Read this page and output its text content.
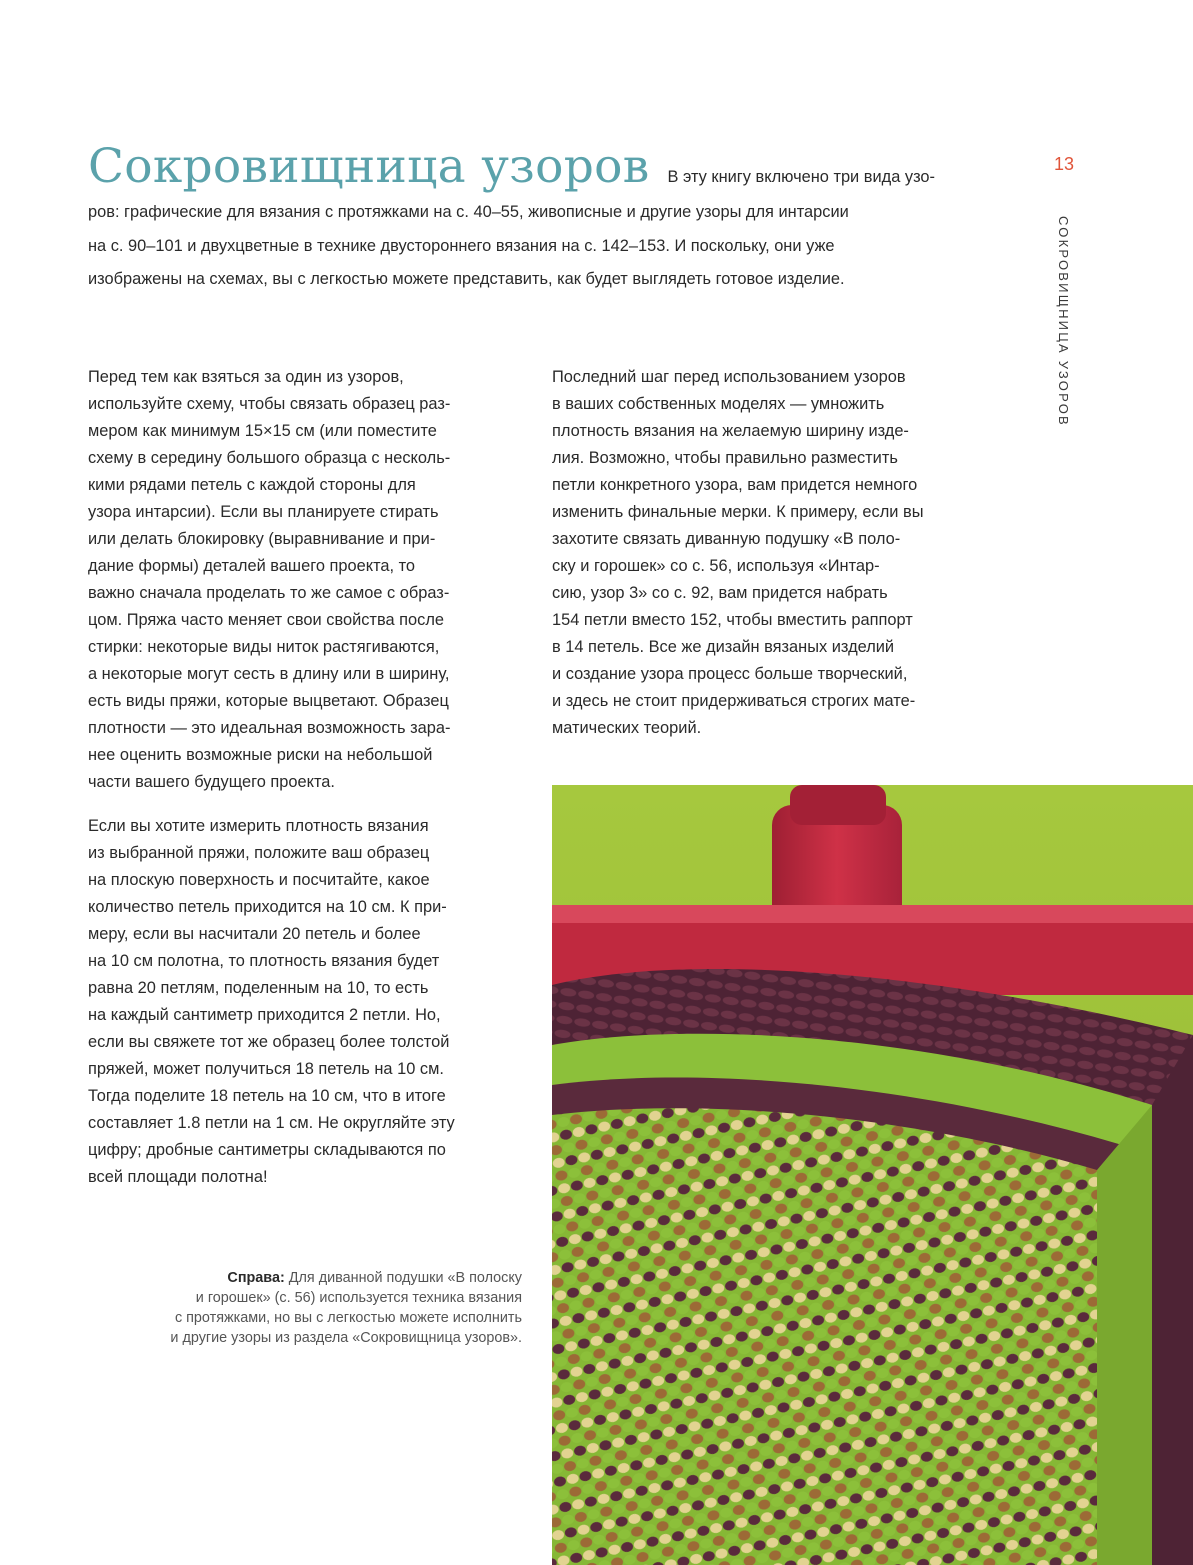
Сокровищница узоров В эту книгу включено три вида узо-
ров: графические для вязания с протяжками на с. 40–55, живописные и другие узоры для интарсии
на с. 90–101 и двухцветные в технике двустороннего вязания на с. 142–153. И поскольку, они уже
изображены на схемах, вы с легкостью можете представить, как будет выглядеть готовое изделие.
13
СОКРОВИЩНИЦА УЗОРОВ

Перед тем как взяться за один из узоров,
используйте схему, чтобы связать образец раз-
мером как минимум 15×15 см (или поместите
схему в середину большого образца с несколь-
кими рядами петель с каждой стороны для
узора интарсии). Если вы планируете стирать
или делать блокировку (выравнивание и при-
дание формы) деталей вашего проекта, то
важно сначала проделать то же самое с образ-
цом. Пряжа часто меняет свои свойства после
стирки: некоторые виды ниток растягиваются,
а некоторые могут сесть в длину или в ширину,
есть виды пряжи, которые выцветают. Образец
плотности — это идеальная возможность зара-
нее оценить возможные риски на небольшой
части вашего будущего проекта.

Если вы хотите измерить плотность вязания
из выбранной пряжи, положите ваш образец
на плоскую поверхность и посчитайте, какое
количество петель приходится на 10 см. К при-
меру, если вы насчитали 20 петель и более
на 10 см полотна, то плотность вязания будет
равна 20 петлям, поделенным на 10, то есть
на каждый сантиметр приходится 2 петли. Но,
если вы свяжете тот же образец более толстой
пряжей, может получиться 18 петель на 10 см.
Тогда поделите 18 петель на 10 см, что в итоге
составляет 1.8 петли на 1 см. Не округляйте эту
цифру; дробные сантиметры складываются по
всей площади полотна!

Последний шаг перед использованием узоров
в ваших собственных моделях — умножить
плотность вязания на желаемую ширину изде-
лия. Возможно, чтобы правильно разместить
петли конкретного узора, вам придется немного
изменить финальные мерки. К примеру, если вы
захотите связать диванную подушку «В поло-
ску и горошек» со с. 56, используя «Интар-
сию, узор 3» со с. 92, вам придется набрать
154 петли вместо 152, чтобы вместить раппорт
в 14 петель. Все же дизайн вязаных изделий
и создание узора процесс больше творческий,
и здесь не стоит придерживаться строгих мате-
матических теорий.

Справа: Для диванной подушки «В полоску
и горошек» (с. 56) используется техника вязания
с протяжками, но вы с легкостью можете исполнить
и другие узоры из раздела «Сокровищница узоров».
